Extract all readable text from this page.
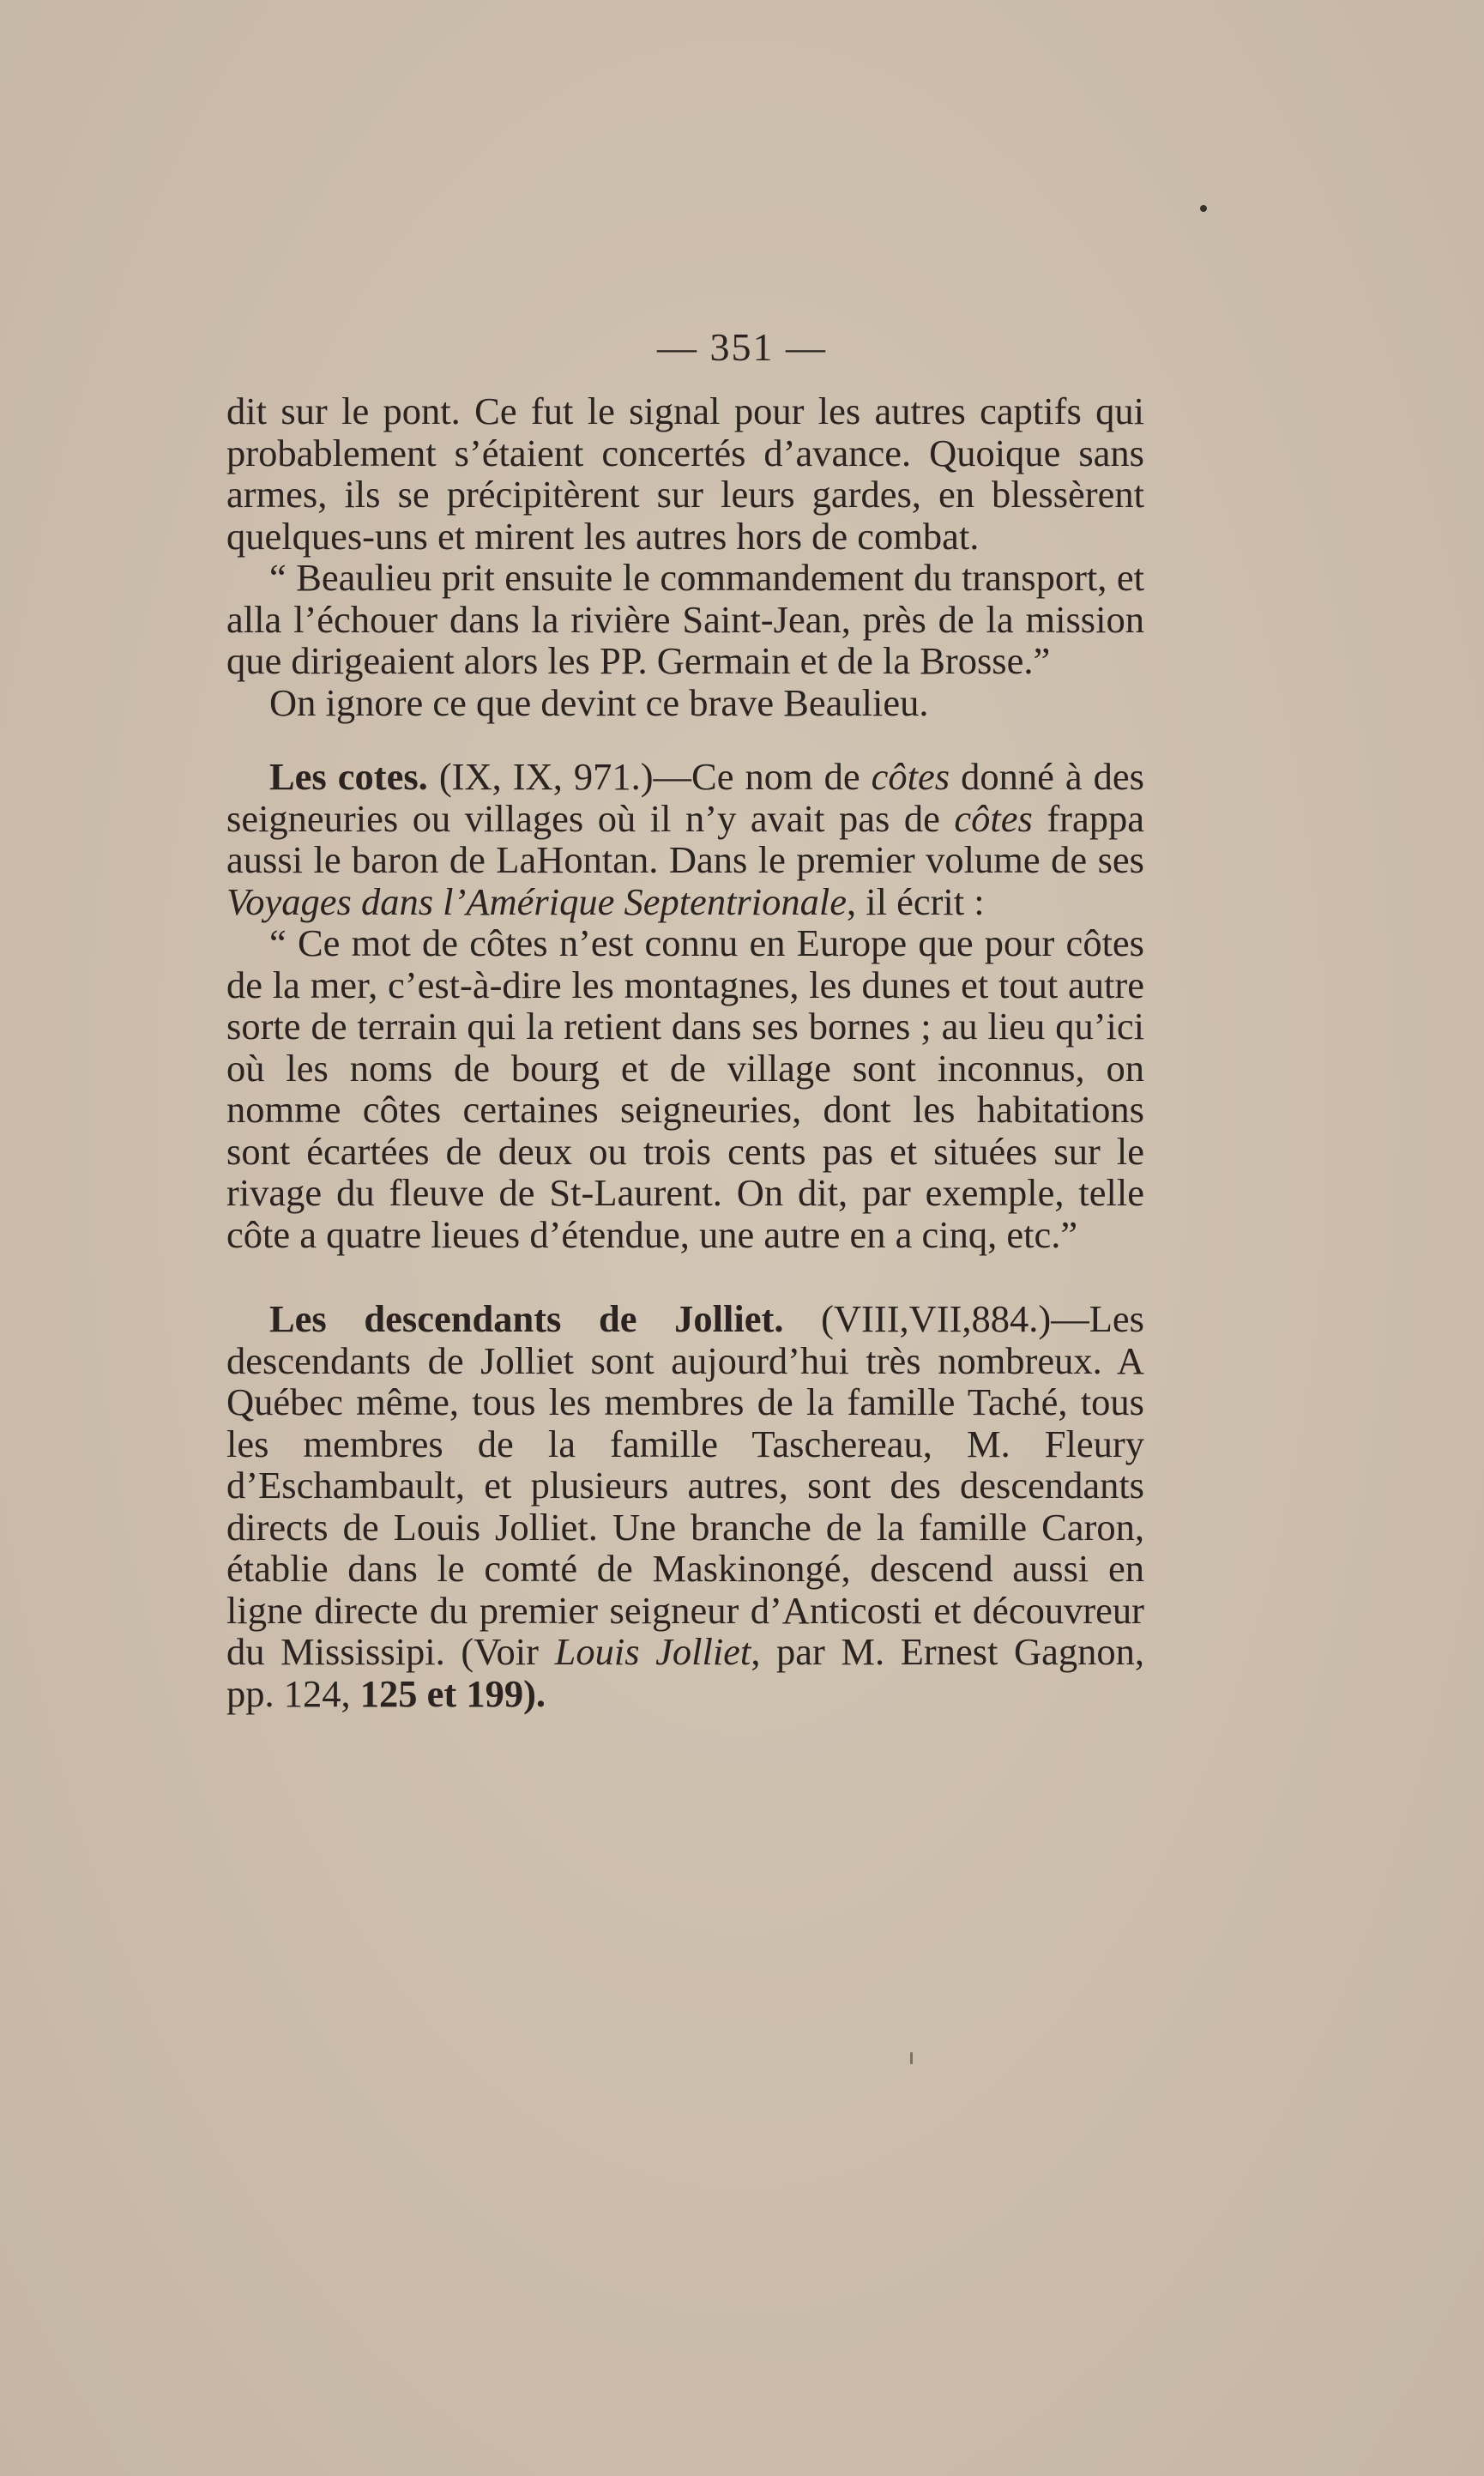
— 351 —

dit sur le pont. Ce fut le signal pour les autres captifs qui probablement s’étaient concertés d’avance. Quoique sans armes, ils se précipitèrent sur leurs gardes, en blessèrent quelques-uns et mirent les autres hors de combat.

“ Beaulieu prit ensuite le commandement du transport, et alla l’échouer dans la rivière Saint-Jean, près de la mission que dirigeaient alors les PP. Germain et de la Brosse.”

On ignore ce que devint ce brave Beaulieu.

Les cotes. (IX, IX, 971.)—Ce nom de côtes donné à des seigneuries ou villages où il n’y avait pas de côtes frappa aussi le baron de LaHontan. Dans le premier volume de ses Voyages dans l’Amérique Septentrionale, il écrit :

“ Ce mot de côtes n’est connu en Europe que pour côtes de la mer, c’est-à-dire les montagnes, les dunes et tout autre sorte de terrain qui la retient dans ses bornes ; au lieu qu’ici où les noms de bourg et de village sont inconnus, on nomme côtes certaines seigneuries, dont les habitations sont écartées de deux ou trois cents pas et situées sur le rivage du fleuve de St-Laurent. On dit, par exemple, telle côte a quatre lieues d’étendue, une autre en a cinq, etc.”

Les descendants de Jolliet. (VIII,VII,884.)—Les descendants de Jolliet sont aujourd’hui très nombreux. A Québec même, tous les membres de la famille Taché, tous les membres de la famille Taschereau, M. Fleury d’Eschambault, et plusieurs autres, sont des descendants directs de Louis Jolliet. Une branche de la famille Caron, établie dans le comté de Maskinongé, descend aussi en ligne directe du premier seigneur d’Anticosti et découvreur du Mississipi. (Voir Louis Jolliet, par M. Ernest Gagnon, pp. 124, 125 et 199).
